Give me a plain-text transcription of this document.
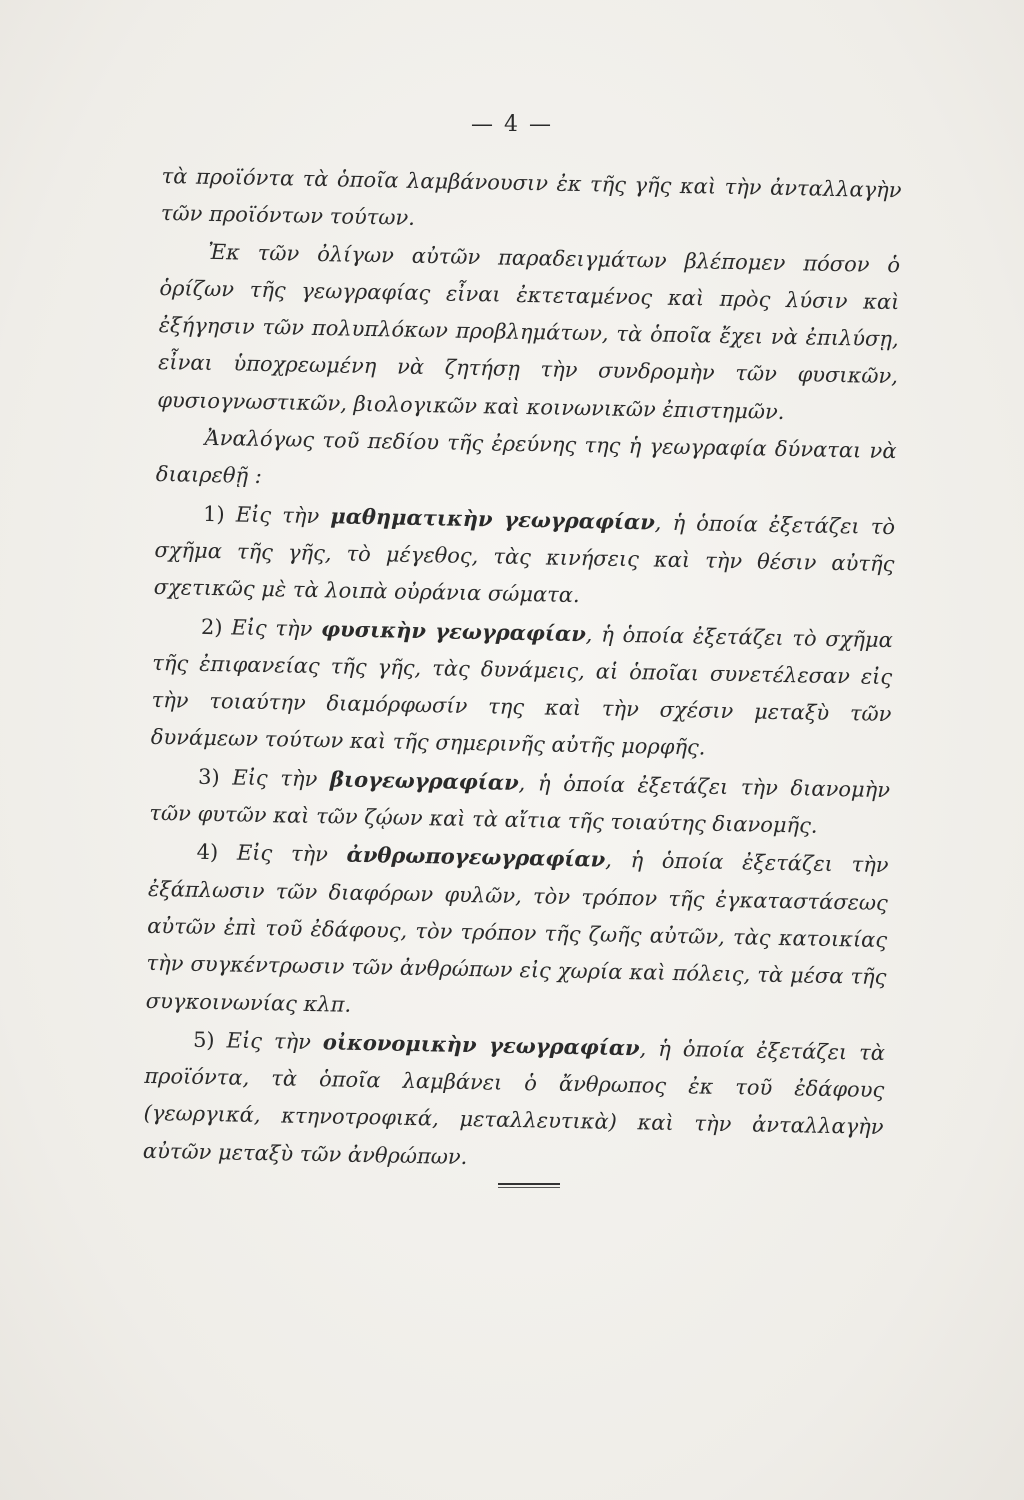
— 4 —

τὰ προϊόντα τὰ ὁποῖα λαμβάνουσιν ἐκ τῆς γῆς καὶ τὴν ἀνταλλαγὴν τῶν προϊόντων τούτων.

Ἐκ τῶν ὀλίγων αὐτῶν παραδειγμάτων βλέπομεν πόσον ὁ ὁρίζων τῆς γεωγραφίας εἶναι ἐκτεταμένος καὶ πρὸς λύσιν καὶ ἐξήγησιν τῶν πολυπλόκων προβλημάτων, τὰ ὁποῖα ἔχει νὰ ἐπιλύσῃ, εἶναι ὑποχρεωμένη νὰ ζητήσῃ τὴν συνδρομὴν τῶν φυσικῶν, φυσιογνωστικῶν, βιολογικῶν καὶ κοινωνικῶν ἐπιστημῶν.

Ἀναλόγως τοῦ πεδίου τῆς ἐρεύνης της ἡ γεωγραφία δύναται νὰ διαιρεθῇ :

1) Εἰς τὴν μαθηματικὴν γεωγραφίαν, ἡ ὁποία ἐξετάζει τὸ σχῆμα τῆς γῆς, τὸ μέγεθος, τὰς κινήσεις καὶ τὴν θέσιν αὐτῆς σχετικῶς μὲ τὰ λοιπὰ οὐράνια σώματα.

2) Εἰς τὴν φυσικὴν γεωγραφίαν, ἡ ὁποία ἐξετάζει τὸ σχῆμα τῆς ἐπιφανείας τῆς γῆς, τὰς δυνάμεις, αἱ ὁποῖαι συνετέλεσαν εἰς τὴν τοιαύτην διαμόρφωσίν της καὶ τὴν σχέσιν μεταξὺ τῶν δυνάμεων τούτων καὶ τῆς σημερινῆς αὐτῆς μορφῆς.

3) Εἰς τὴν βιογεωγραφίαν, ἡ ὁποία ἐξετάζει τὴν διανομὴν τῶν φυτῶν καὶ τῶν ζῴων καὶ τὰ αἴτια τῆς τοιαύτης διανομῆς.

4) Εἰς τὴν ἀνθρωπογεωγραφίαν, ἡ ὁποία ἐξετάζει τὴν ἐξάπλωσιν τῶν διαφόρων φυλῶν, τὸν τρόπον τῆς ἐγκαταστάσεως αὐτῶν ἐπὶ τοῦ ἐδάφους, τὸν τρόπον τῆς ζωῆς αὐτῶν, τὰς κατοικίας τὴν συγκέντρωσιν τῶν ἀνθρώπων εἰς χωρία καὶ πόλεις, τὰ μέσα τῆς συγκοινωνίας κλπ.

5) Εἰς τὴν οἰκονομικὴν γεωγραφίαν, ἡ ὁποία ἐξετάζει τὰ προϊόντα, τὰ ὁποῖα λαμβάνει ὁ ἄνθρωπος ἐκ τοῦ ἐδάφους (γεωργικά, κτηνοτροφικά, μεταλλευτικὰ) καὶ τὴν ἀνταλλαγὴν αὐτῶν μεταξὺ τῶν ἀνθρώπων.
